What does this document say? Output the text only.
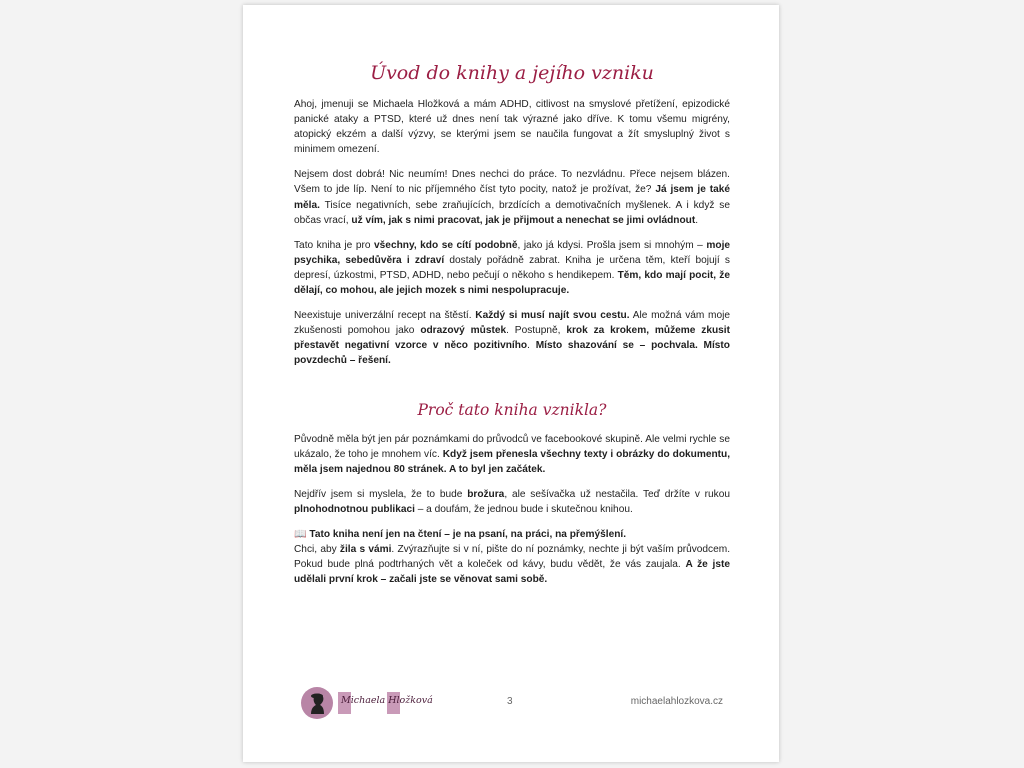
Úvod do knihy a jejího vzniku

Ahoj, jmenuji se Michaela Hložková a mám ADHD, citlivost na smyslové přetížení, epizodické panické ataky a PTSD, které už dnes není tak výrazné jako dříve. K tomu všemu migrény, atopický ekzém a další výzvy, se kterými jsem se naučila fungovat a žít smysluplný život s minimem omezení.

Nejsem dost dobrá! Nic neumím! Dnes nechci do práce. To nezvládnu. Přece nejsem blázen. Všem to jde líp. Není to nic příjemného číst tyto pocity, natož je prožívat, že? Já jsem je také měla. Tisíce negativních, sebe zraňujících, brzdících a demotivačních myšlenek. A i když se občas vrací, už vím, jak s nimi pracovat, jak je přijmout a nenechat se jimi ovládnout.

Tato kniha je pro všechny, kdo se cítí podobně, jako já kdysi. Prošla jsem si mnohým – moje psychika, sebedůvěra i zdraví dostaly pořádně zabrat. Kniha je určena těm, kteří bojují s depresí, úzkostmi, PTSD, ADHD, nebo pečují o někoho s hendikepem. Těm, kdo mají pocit, že dělají, co mohou, ale jejich mozek s nimi nespolupracuje.

Neexistuje univerzální recept na štěstí. Každý si musí najít svou cestu. Ale možná vám moje zkušenosti pomohou jako odrazový můstek. Postupně, krok za krokem, můžeme zkusit přestavět negativní vzorce v něco pozitivního. Místo shazování se – pochvala. Místo povzdechů – řešení.

Proč tato kniha vznikla?

Původně měla být jen pár poznámkami do průvodců ve facebookové skupině. Ale velmi rychle se ukázalo, že toho je mnohem víc. Když jsem přenesla všechny texty i obrázky do dokumentu, měla jsem najednou 80 stránek. A to byl jen začátek.

Nejdřív jsem si myslela, že to bude brožura, ale sešívačka už nestačila. Teď držíte v rukou plnohodnotnou publikaci – a doufám, že jednou bude i skutečnou knihou.

📖 Tato kniha není jen na čtení – je na psaní, na práci, na přemýšlení.
Chci, aby žila s vámi. Zvýrazňujte si v ní, pište do ní poznámky, nechte ji být vaším průvodcem. Pokud bude plná podtrhaných vět a koleček od kávy, budu vědět, že vás zaujala. A že jste udělali první krok – začali jste se věnovat sami sobě.

Michaela Hložková	3	michaelahlozkova.cz
